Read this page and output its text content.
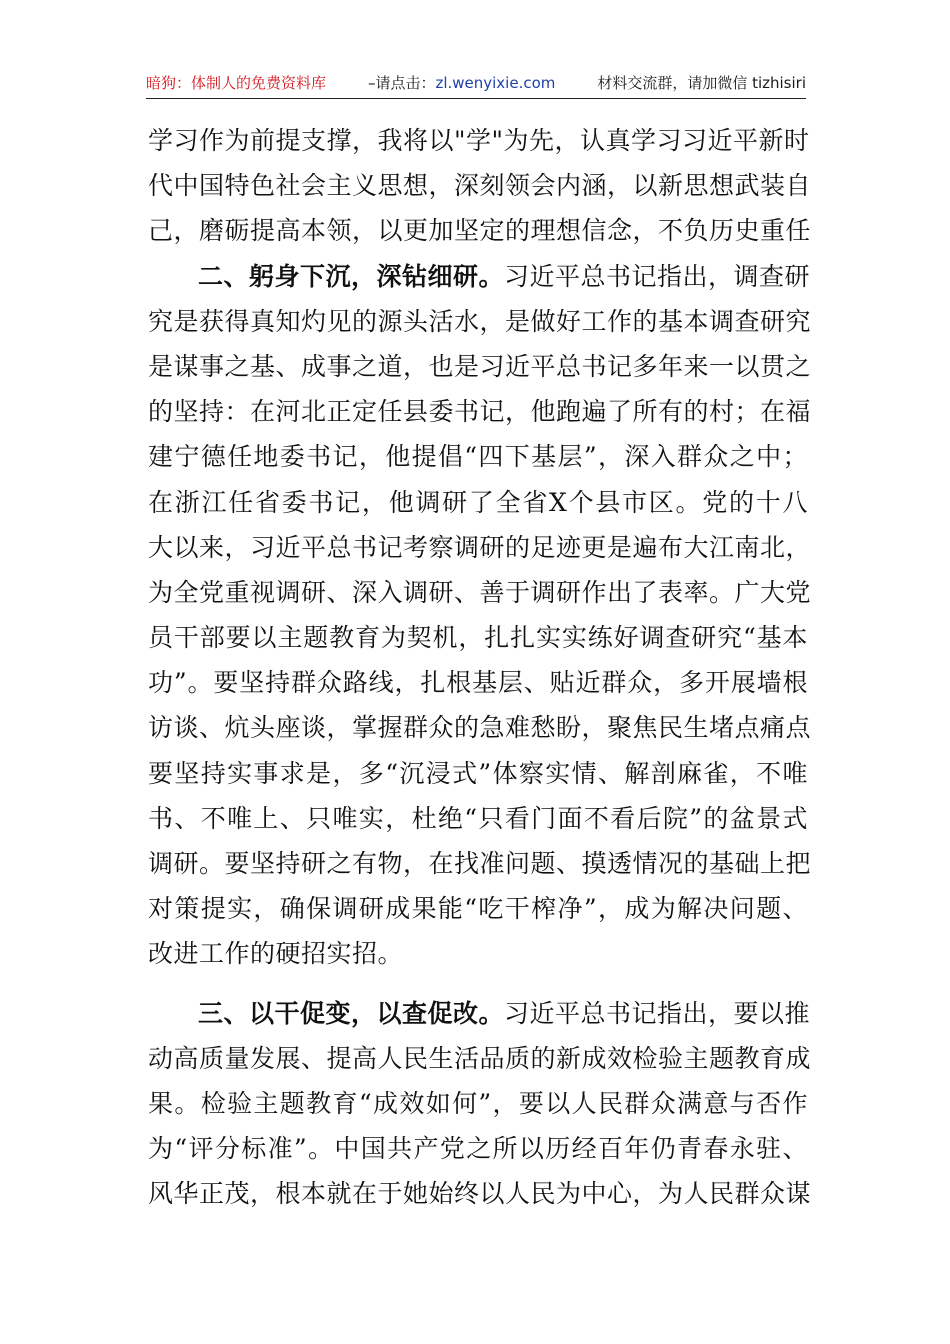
暗狗：体制人的免费资料库	–请点击：zl.wenyixie.com	材料交流群，请加微信 tizhisiri
学习作为前提支撑，我将以"学"为先，认真学习习近平新时
代中国特色社会主义思想，深刻领会内涵，以新思想武装自
己，磨砺提高本领，以更加坚定的理想信念，不负历史重任
二、躬身下沉，深钻细研。习近平总书记指出，调查研
究是获得真知灼见的源头活水，是做好工作的基本调查研究
是谋事之基、成事之道，也是习近平总书记多年来一以贯之
的坚持：在河北正定任县委书记，他跑遍了所有的村；在福
建宁德任地委书记，他提倡“四下基层”，深入群众之中；
在浙江任省委书记，他调研了全省X个县市区。党的十八
大以来，习近平总书记考察调研的足迹更是遍布大江南北，
为全党重视调研、深入调研、善于调研作出了表率。广大党
员干部要以主题教育为契机，扎扎实实练好调查研究“基本
功”。要坚持群众路线，扎根基层、贴近群众，多开展墙根
访谈、炕头座谈，掌握群众的急难愁盼，聚焦民生堵点痛点
要坚持实事求是，多“沉浸式”体察实情、解剖麻雀，不唯
书、不唯上、只唯实，杜绝“只看门面不看后院”的盆景式
调研。要坚持研之有物，在找准问题、摸透情况的基础上把
对策提实，确保调研成果能“吃干榨净”，成为解决问题、
改进工作的硬招实招。
三、以干促变，以查促改。习近平总书记指出，要以推
动高质量发展、提高人民生活品质的新成效检验主题教育成
果。检验主题教育“成效如何”，要以人民群众满意与否作
为“评分标准”。中国共产党之所以历经百年仍青春永驻、
风华正茂，根本就在于她始终以人民为中心，为人民群众谋
